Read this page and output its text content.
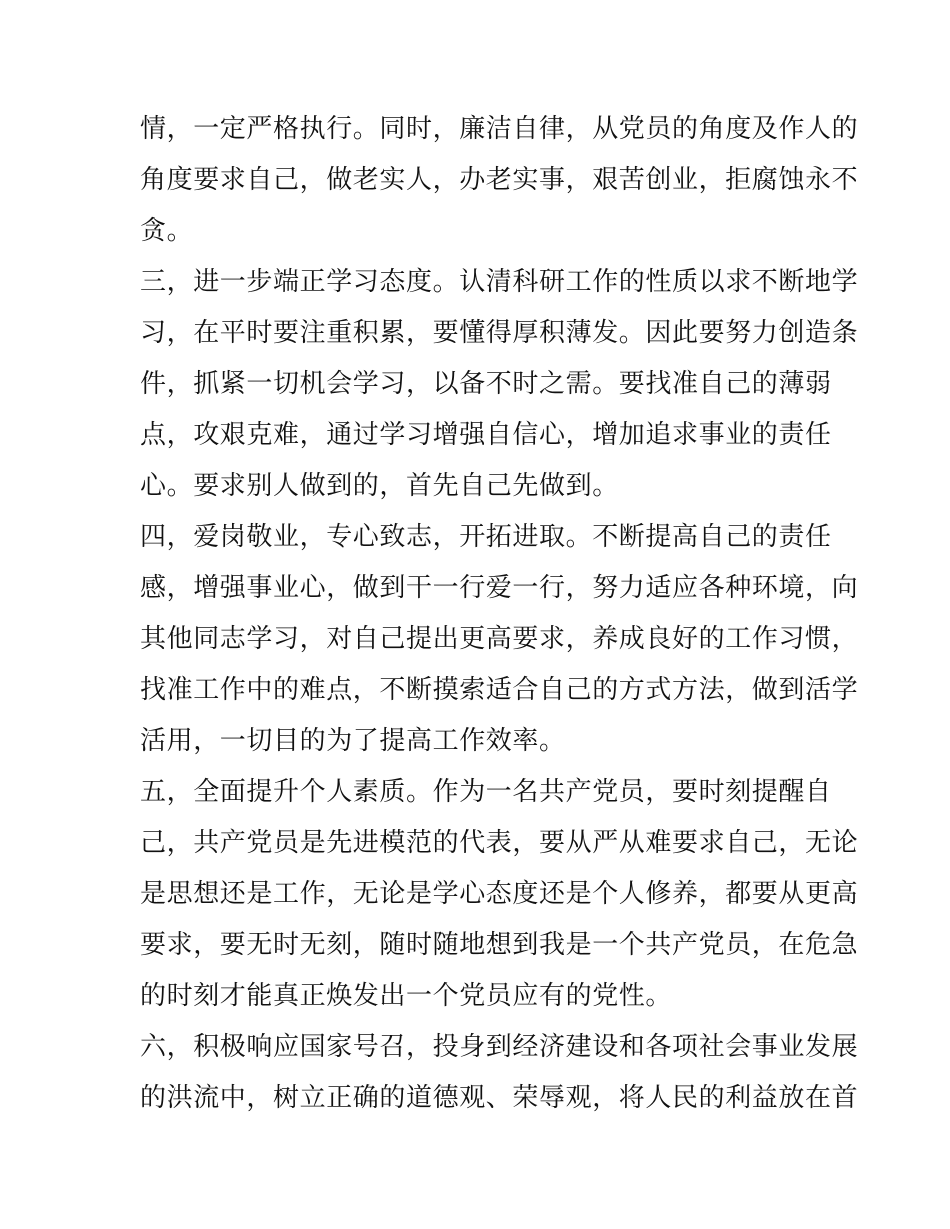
情，一定严格执行。同时，廉洁自律，从党员的角度及作人的
角度要求自己，做老实人，办老实事，艰苦创业，拒腐蚀永不
贪。
三，进一步端正学习态度。认清科研工作的性质以求不断地学
习，在平时要注重积累，要懂得厚积薄发。因此要努力创造条
件，抓紧一切机会学习，以备不时之需。要找准自己的薄弱
点，攻艰克难，通过学习增强自信心，增加追求事业的责任
心。要求别人做到的，首先自己先做到。
四，爱岗敬业，专心致志，开拓进取。不断提高自己的责任
感，增强事业心，做到干一行爱一行，努力适应各种环境，向
其他同志学习，对自己提出更高要求，养成良好的工作习惯，
找准工作中的难点，不断摸索适合自己的方式方法，做到活学
活用，一切目的为了提高工作效率。
五，全面提升个人素质。作为一名共产党员，要时刻提醒自
己，共产党员是先进模范的代表，要从严从难要求自己，无论
是思想还是工作，无论是学心态度还是个人修养，都要从更高
要求，要无时无刻，随时随地想到我是一个共产党员，在危急
的时刻才能真正焕发出一个党员应有的党性。
六，积极响应国家号召，投身到经济建设和各项社会事业发展
的洪流中，树立正确的道德观、荣辱观，将人民的利益放在首
